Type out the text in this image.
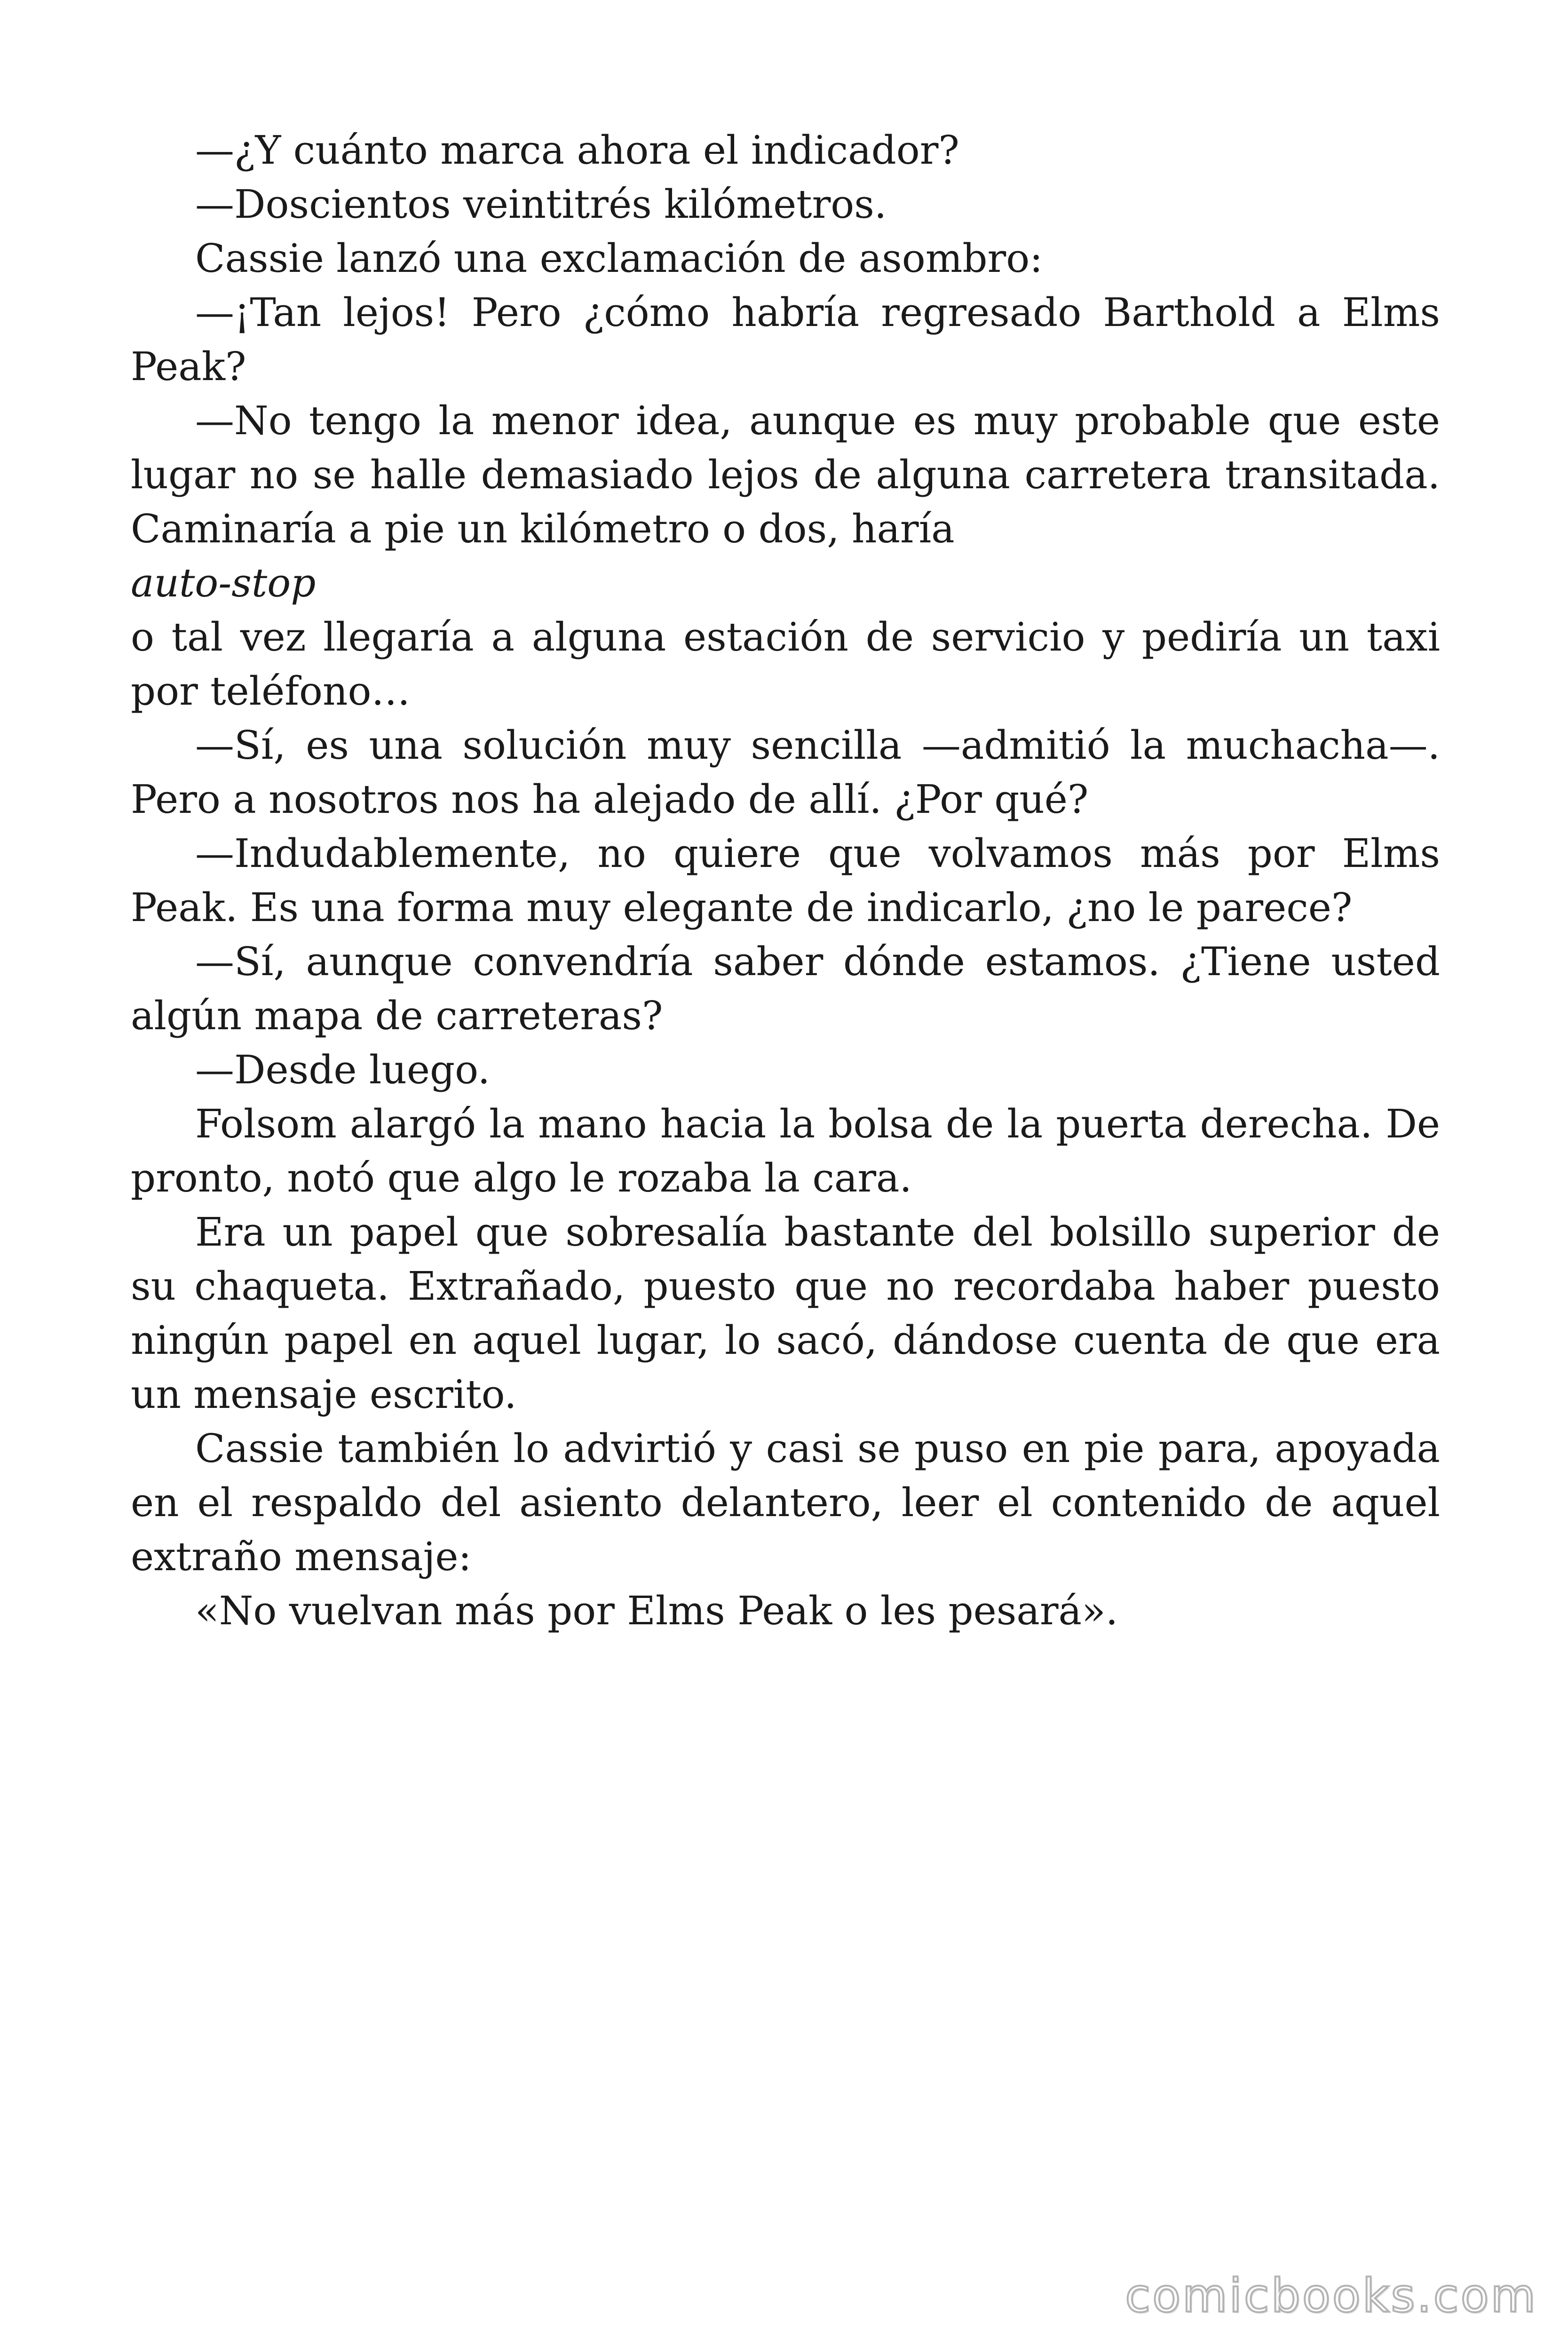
—¿Y cuánto marca ahora el indicador?

—Doscientos veintitrés kilómetros.

Cassie lanzó una exclamación de asombro:

—¡Tan lejos! Pero ¿cómo habría regresado Barthold a Elms Peak?

—No tengo la menor idea, aunque es muy probable que este lugar no se halle demasiado lejos de alguna carretera transitada. Caminaría a pie un kilómetro o dos, haría

auto-stop

o tal vez llegaría a alguna estación de servicio y pediría un taxi por teléfono…

—Sí, es una solución muy sencilla —admitió la muchacha—. Pero a nosotros nos ha alejado de allí. ¿Por qué?

—Indudablemente, no quiere que volvamos más por Elms Peak. Es una forma muy elegante de indicarlo, ¿no le parece?

—Sí, aunque convendría saber dónde estamos. ¿Tiene usted algún mapa de carreteras?

—Desde luego.

Folsom alargó la mano hacia la bolsa de la puerta derecha. De pronto, notó que algo le rozaba la cara.

Era un papel que sobresalía bastante del bolsillo superior de su chaqueta. Extrañado, puesto que no recordaba haber puesto ningún papel en aquel lugar, lo sacó, dándose cuenta de que era un mensaje escrito.

Cassie también lo advirtió y casi se puso en pie para, apoyada en el respaldo del asiento delantero, leer el contenido de aquel extraño mensaje:

«No vuelvan más por Elms Peak o les pesará».

comicbooks.com
